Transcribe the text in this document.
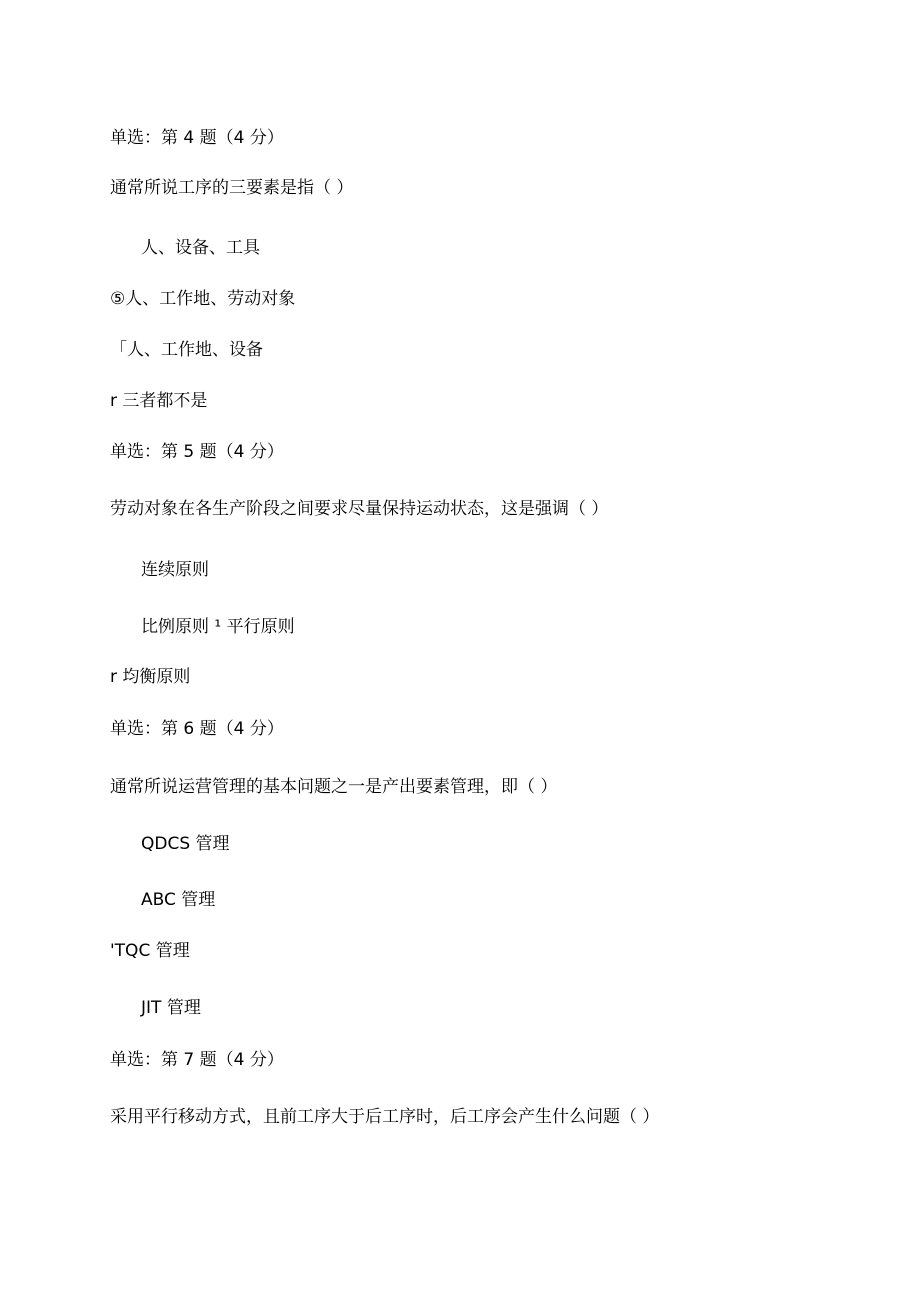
单选：第 4 题（4 分）
通常所说工序的三要素是指（ ）
人、设备、工具
⑤人、工作地、劳动对象
「人、工作地、设备
r 三者都不是
单选：第 5 题（4 分）
劳动对象在各生产阶段之间要求尽量保持运动状态，这是强调（ ）
连续原则
比例原则 ¹ 平行原则
r 均衡原则
单选：第 6 题（4 分）
通常所说运营管理的基本问题之一是产出要素管理，即（ ）
QDCS 管理
ABC 管理
'TQC 管理
JIT 管理
单选：第 7 题（4 分）
采用平行移动方式，且前工序大于后工序时，后工序会产生什么问题（ ）
